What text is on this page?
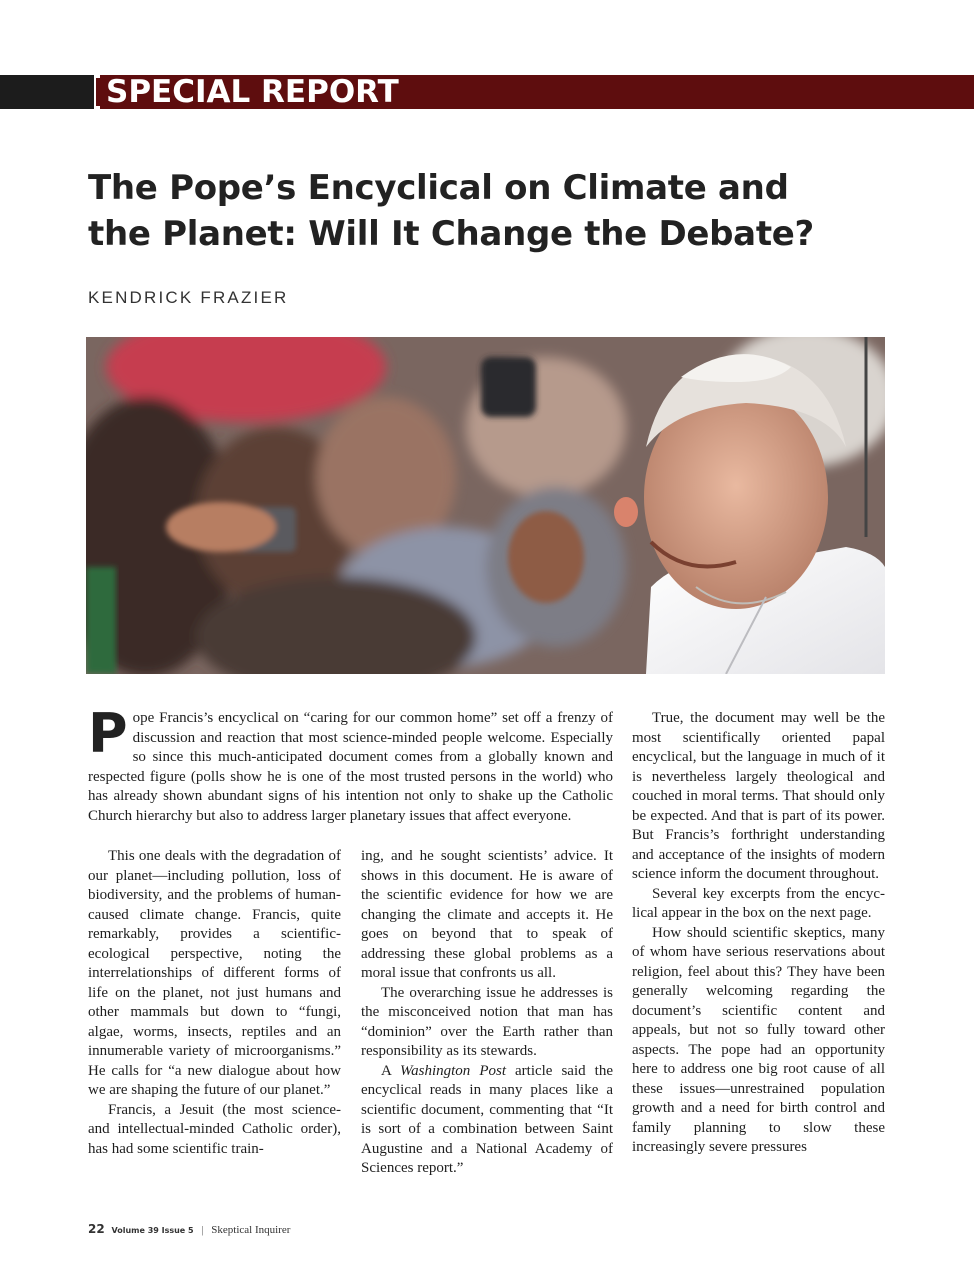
SPECIAL REPORT
The Pope’s Encyclical on Climate and
the Planet: Will It Change the Debate?
KENDRICK FRAZIER

Pope Francis’s encyclical on “caring for our common home” set off a frenzy of discussion and reaction that most science-minded people welcome. Especially so since this much-anticipated document comes from a globally known and respected figure (polls show he is one of the most trusted persons in the world) who has already shown abundant signs of his intention not only to shake up the Catholic Church hierarchy but also to address larger planetary issues that affect everyone.

This one deals with the degradation of our planet—including pollution, loss of biodiversity, and the problems of human-caused climate change. Francis, quite remarkably, provides a scientific-ecological perspective, noting the interrelationships of different forms of life on the planet, not just humans and other mammals but down to “fungi, algae, worms, insects, reptiles and an innumerable variety of microorganisms.” He calls for “a new dialogue about how we are shaping the future of our planet.”

Francis, a Jesuit (the most science- and intellectual-minded Catholic order), has had some scientific train-

ing, and he sought scientists’ advice. It shows in this document. He is aware of the scientific evidence for how we are changing the climate and accepts it. He goes on beyond that to speak of addressing these global problems as a moral issue that confronts us all.

The overarching issue he addresses is the misconceived notion that man has “dominion” over the Earth rather than responsibility as its stewards.

A Washington Post article said the encyclical reads in many places like a scientific document, commenting that “It is sort of a combination between Saint Augustine and a National Academy of Sciences report.”

True, the document may well be the most scientifically oriented papal encyclical, but the language in much of it is nevertheless largely theological and couched in moral terms. That should only be expected. And that is part of its power. But Francis’s forthright understanding and acceptance of the insights of modern science inform the document throughout.

Several key excerpts from the encyclical appear in the box on the next page.

How should scientific skeptics, many of whom have serious reservations about religion, feel about this? They have been generally welcoming regarding the document’s scientific content and appeals, but not so fully toward other aspects. The pope had an opportunity here to address one big root cause of all these issues—unrestrained population growth and a need for birth control and family planning to slow these increasingly severe pressures

22 Volume 39 Issue 5 | Skeptical Inquirer
